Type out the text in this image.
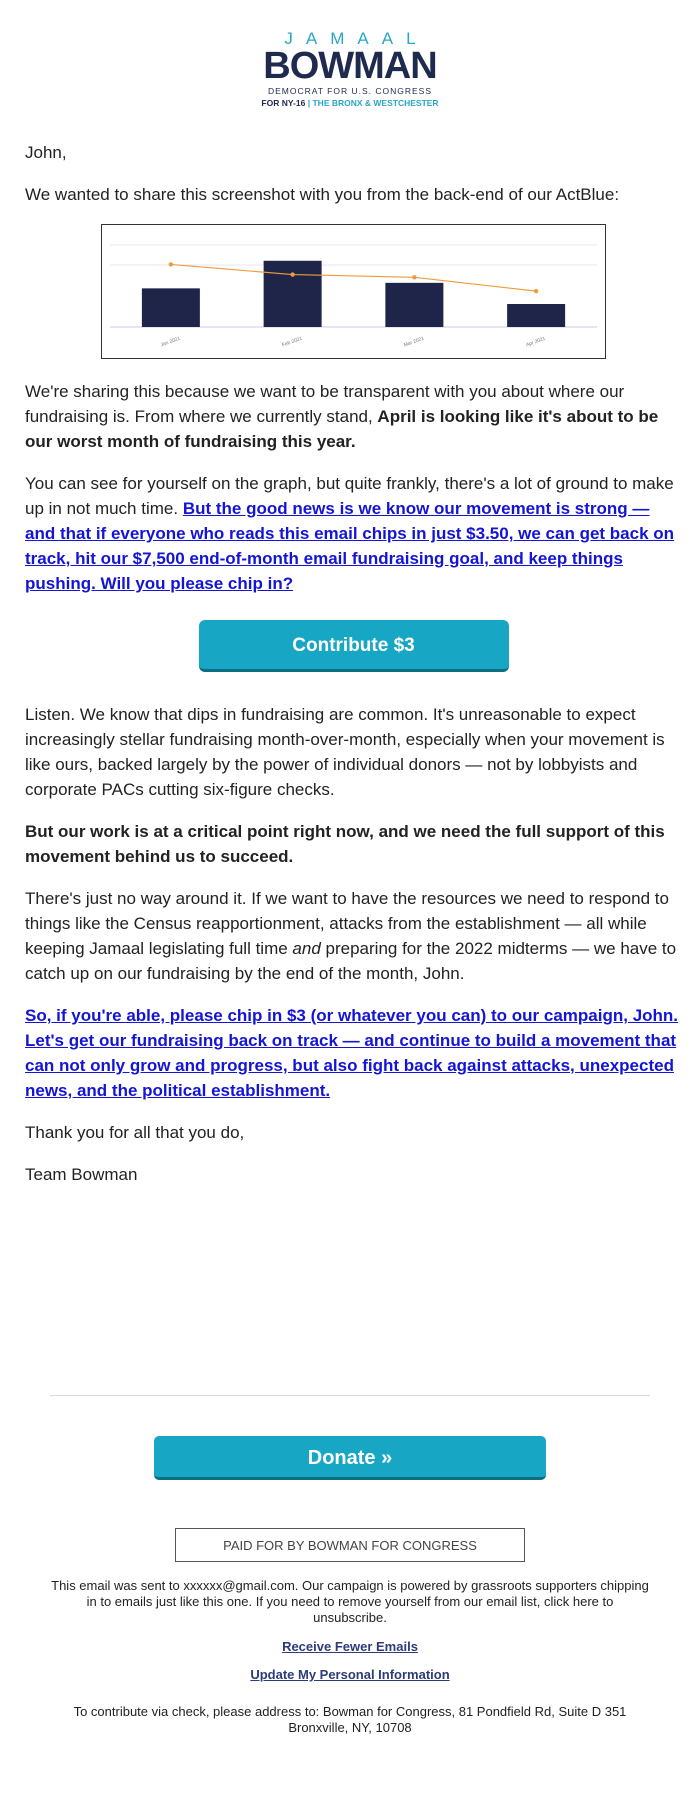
JAMAAL
BOWMAN
DEMOCRAT FOR U.S. CONGRESS
FOR NY-16 | THE BRONX & WESTCHESTER

John,

We wanted to share this screenshot with you from the back-end of our ActBlue:

Jan 2021	Feb 2021	Mar 2021	Apr 2021

We're sharing this because we want to be transparent with you about where our fundraising is. From where we currently stand, April is looking like it's about to be our worst month of fundraising this year.

You can see for yourself on the graph, but quite frankly, there's a lot of ground to make up in not much time. But the good news is we know our movement is strong — and that if everyone who reads this email chips in just $3.50, we can get back on track, hit our $7,500 end-of-month email fundraising goal, and keep things pushing. Will you please chip in?

Contribute $3

Listen. We know that dips in fundraising are common. It's unreasonable to expect increasingly stellar fundraising month-over-month, especially when your movement is like ours, backed largely by the power of individual donors — not by lobbyists and corporate PACs cutting six-figure checks.

But our work is at a critical point right now, and we need the full support of this movement behind us to succeed.

There's just no way around it. If we want to have the resources we need to respond to things like the Census reapportionment, attacks from the establishment — all while keeping Jamaal legislating full time and preparing for the 2022 midterms — we have to catch up on our fundraising by the end of the month, John.

So, if you're able, please chip in $3 (or whatever you can) to our campaign, John. Let's get our fundraising back on track — and continue to build a movement that can not only grow and progress, but also fight back against attacks, unexpected news, and the political establishment.

Thank you for all that you do,

Team Bowman

Donate »
PAID FOR BY BOWMAN FOR CONGRESS
This email was sent to xxxxxx@gmail.com. Our campaign is powered by grassroots supporters chipping in to emails just like this one. If you need to remove yourself from our email list, click here to unsubscribe.
Receive Fewer Emails
Update My Personal Information
To contribute via check, please address to: Bowman for Congress, 81 Pondfield Rd, Suite D 351
Bronxville, NY, 10708
